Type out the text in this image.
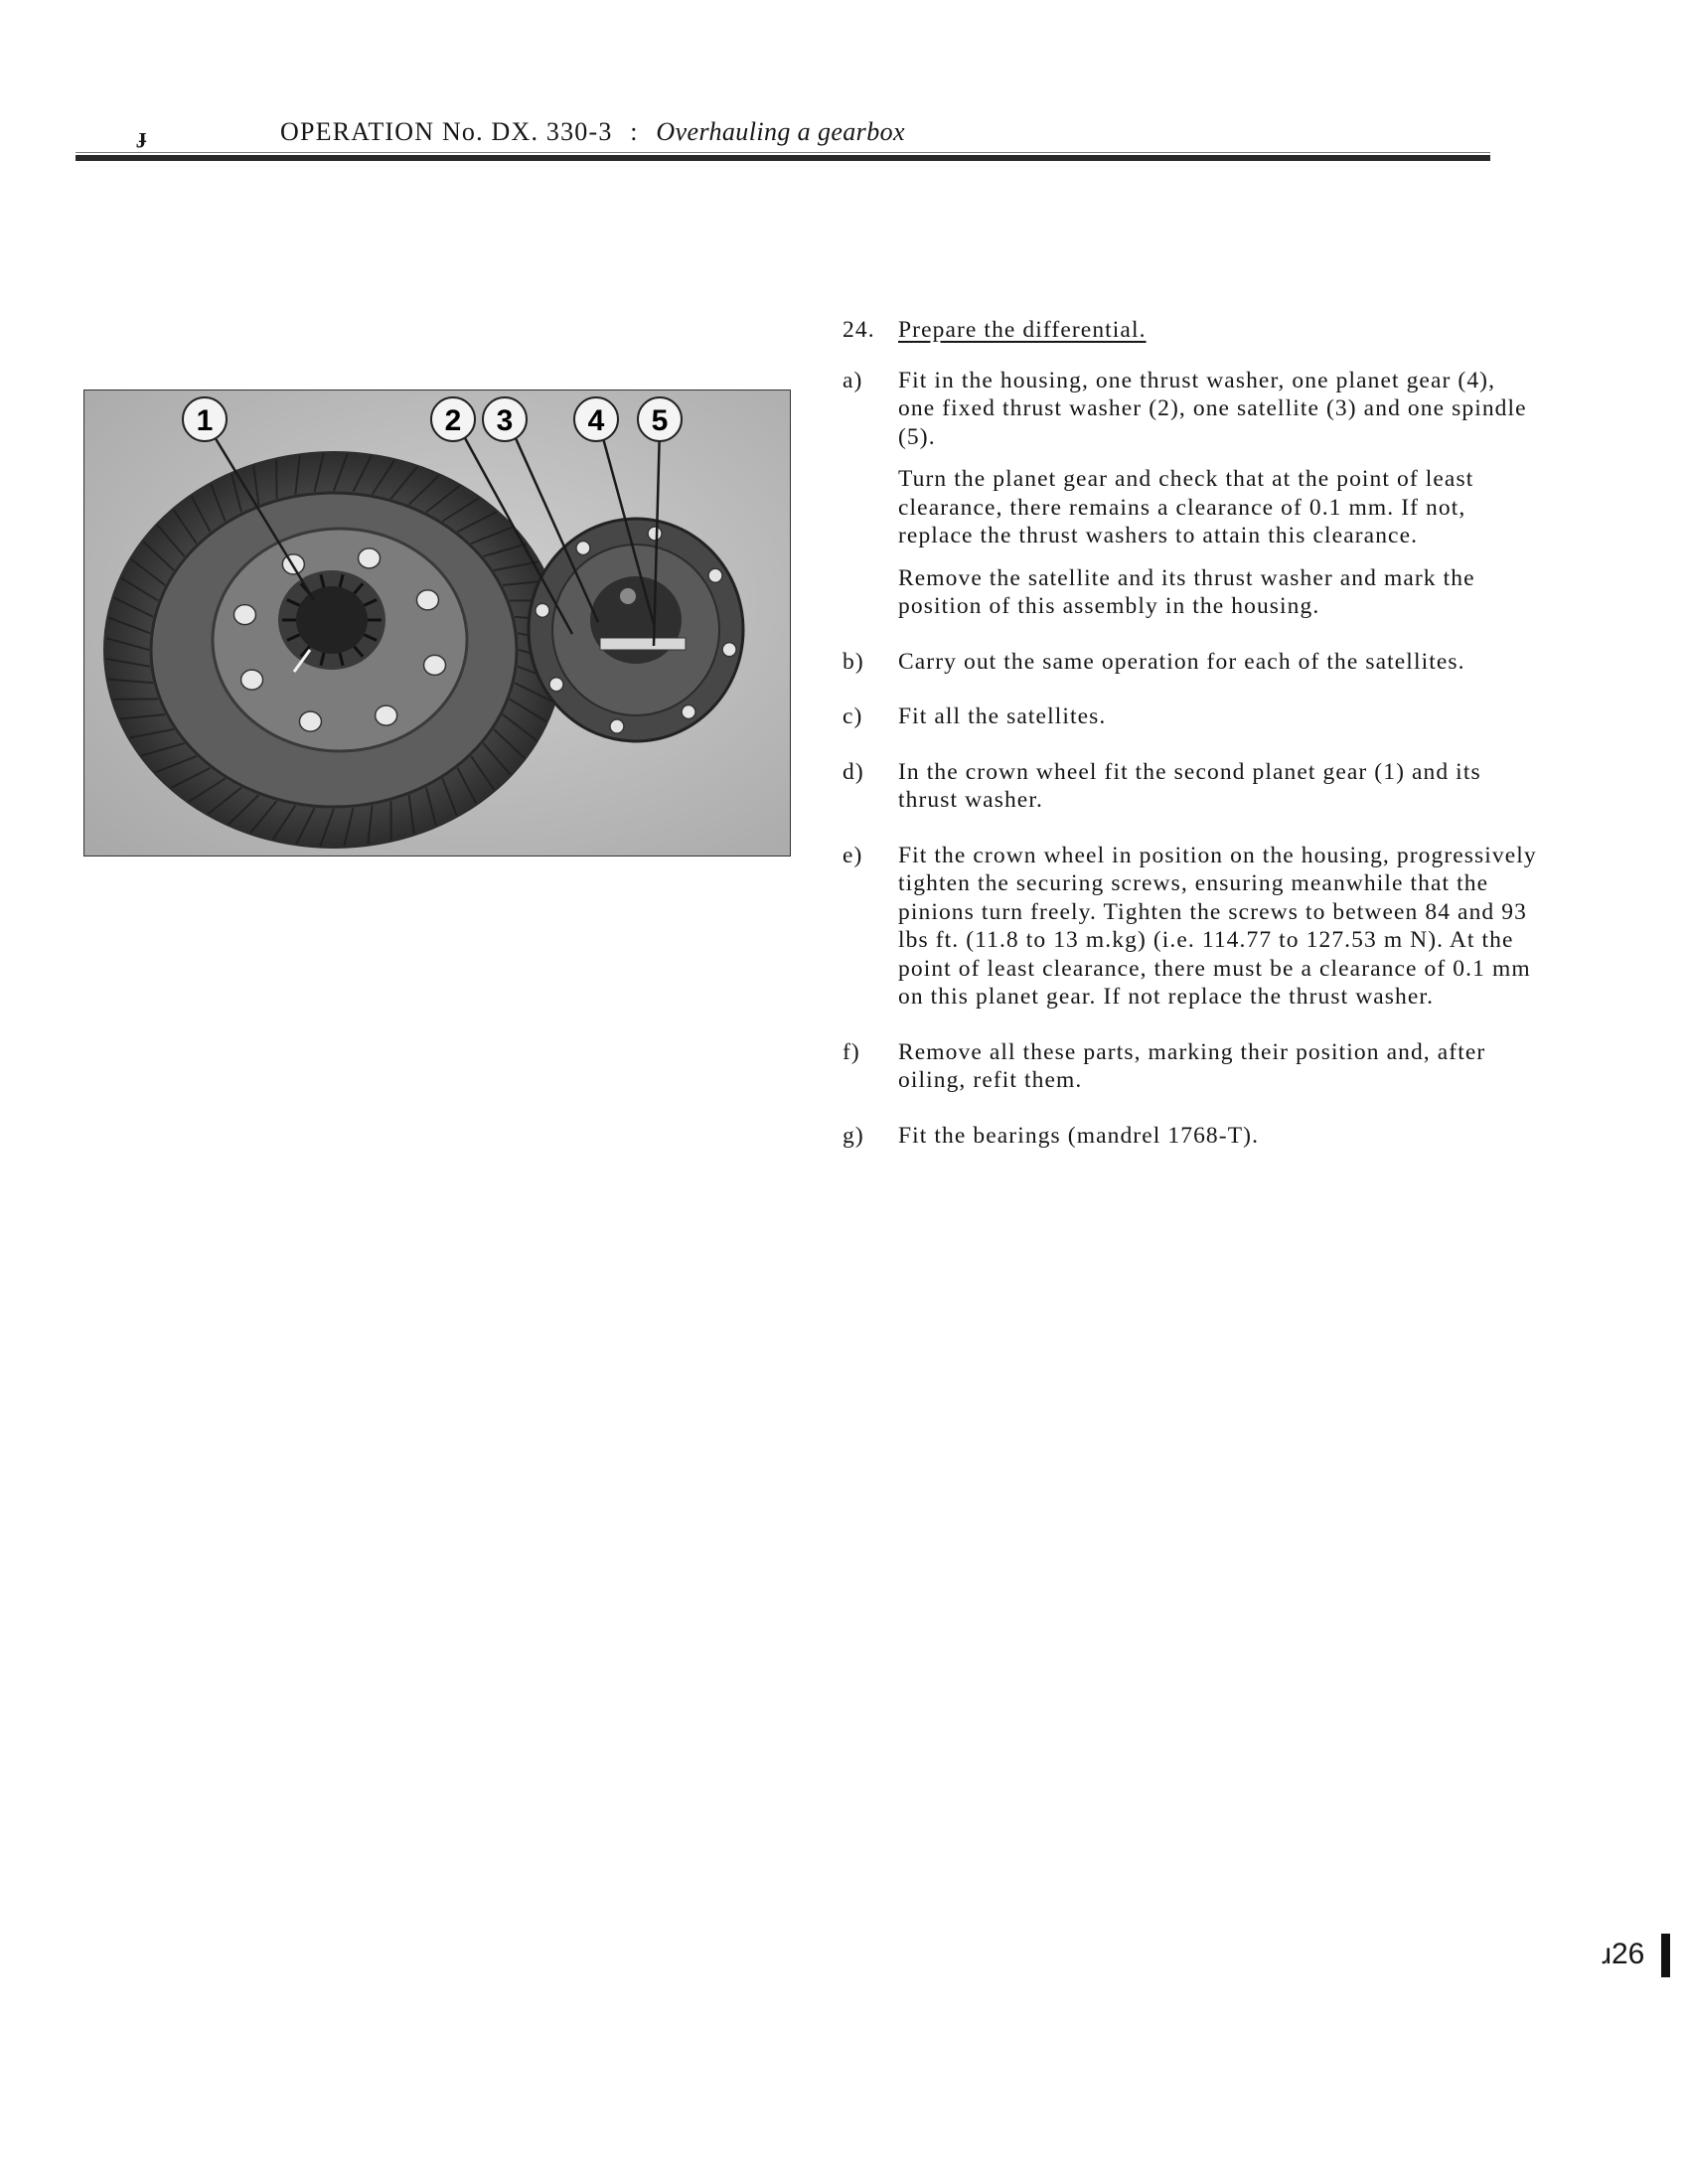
ɟ	OPERATION No. DX. 330-3 : Overhauling a gearbox
1	2 3	4 5
24. Prepare the differential.
a)	Fit in the housing, one thrust washer, one planet gear (4), one fixed thrust washer (2), one satellite (3) and one spindle (5).

Turn the planet gear and check that at the point of least clearance, there remains a clearance of 0.1 mm. If not, replace the thrust washers to attain this clearance.

Remove the satellite and its thrust washer and mark the position of this assembly in the housing.

b)	Carry out the same operation for each of the satellites.

c)	Fit all the satellites.

d)	In the crown wheel fit the second planet gear (1) and its thrust washer.

e)	Fit the crown wheel in position on the housing, progressively tighten the securing screws, ensuring meanwhile that the pinions turn freely. Tighten the screws to between 84 and 93 lbs ft. (11.8 to 13 m.kg) (i.e. 114.77 to 127.53 m N). At the point of least clearance, there must be a clearance of 0.1 mm on this planet gear. If not replace the thrust washer.

f)	Remove all these parts, marking their position and, after oiling, refit them.

g)	Fit the bearings (mandrel 1768-T).

ɹ26
